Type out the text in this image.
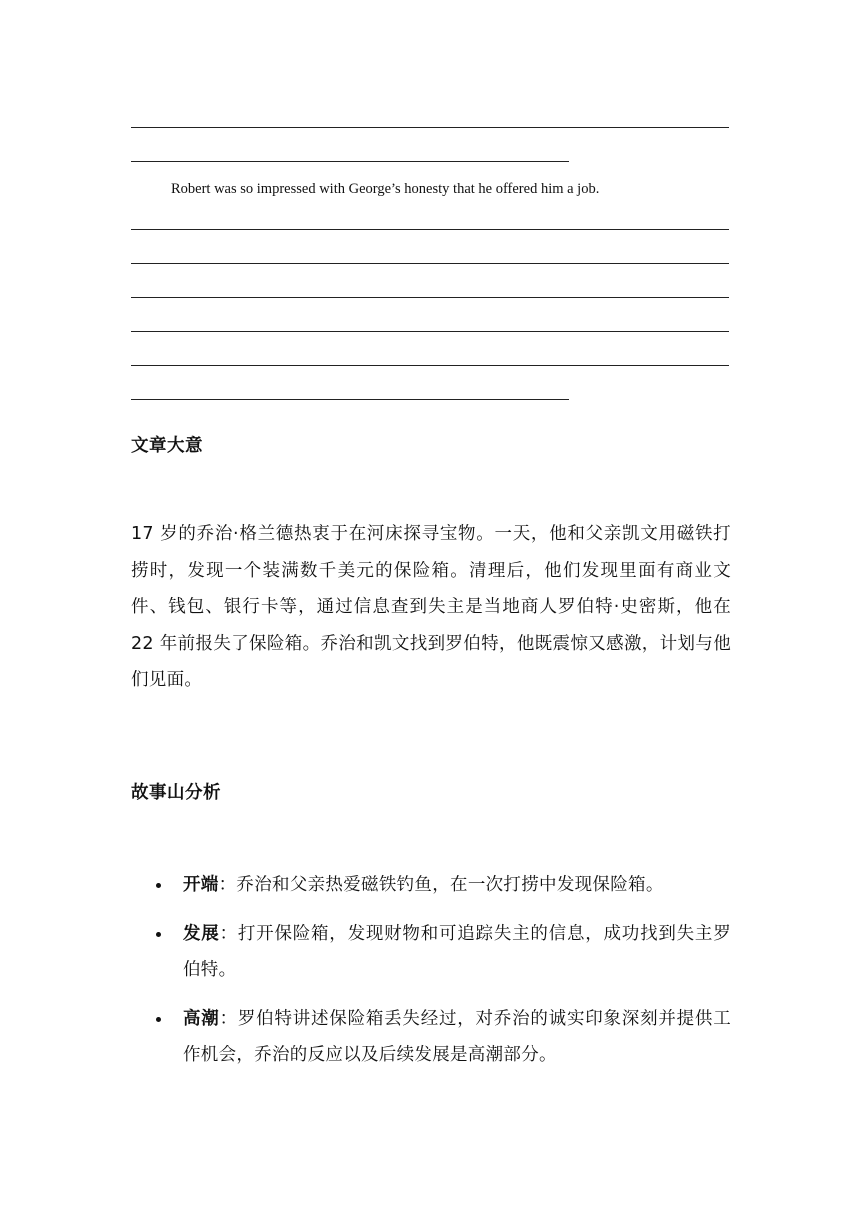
Robert was so impressed with George’s honesty that he offered him a job.
文章大意

17 岁的乔治·格兰德热衷于在河床探寻宝物。一天，他和父亲凯文用磁铁打捞时，发现一个装满数千美元的保险箱。清理后，他们发现里面有商业文件、钱包、银行卡等，通过信息查到失主是当地商人罗伯特·史密斯，他在 22 年前报失了保险箱。乔治和凯文找到罗伯特，他既震惊又感激，计划与他们见面。

故事山分析
开端：乔治和父亲热爱磁铁钓鱼，在一次打捞中发现保险箱。
发展：打开保险箱，发现财物和可追踪失主的信息，成功找到失主罗伯特。
高潮：罗伯特讲述保险箱丢失经过，对乔治的诚实印象深刻并提供工作机会，乔治的反应以及后续发展是高潮部分。
